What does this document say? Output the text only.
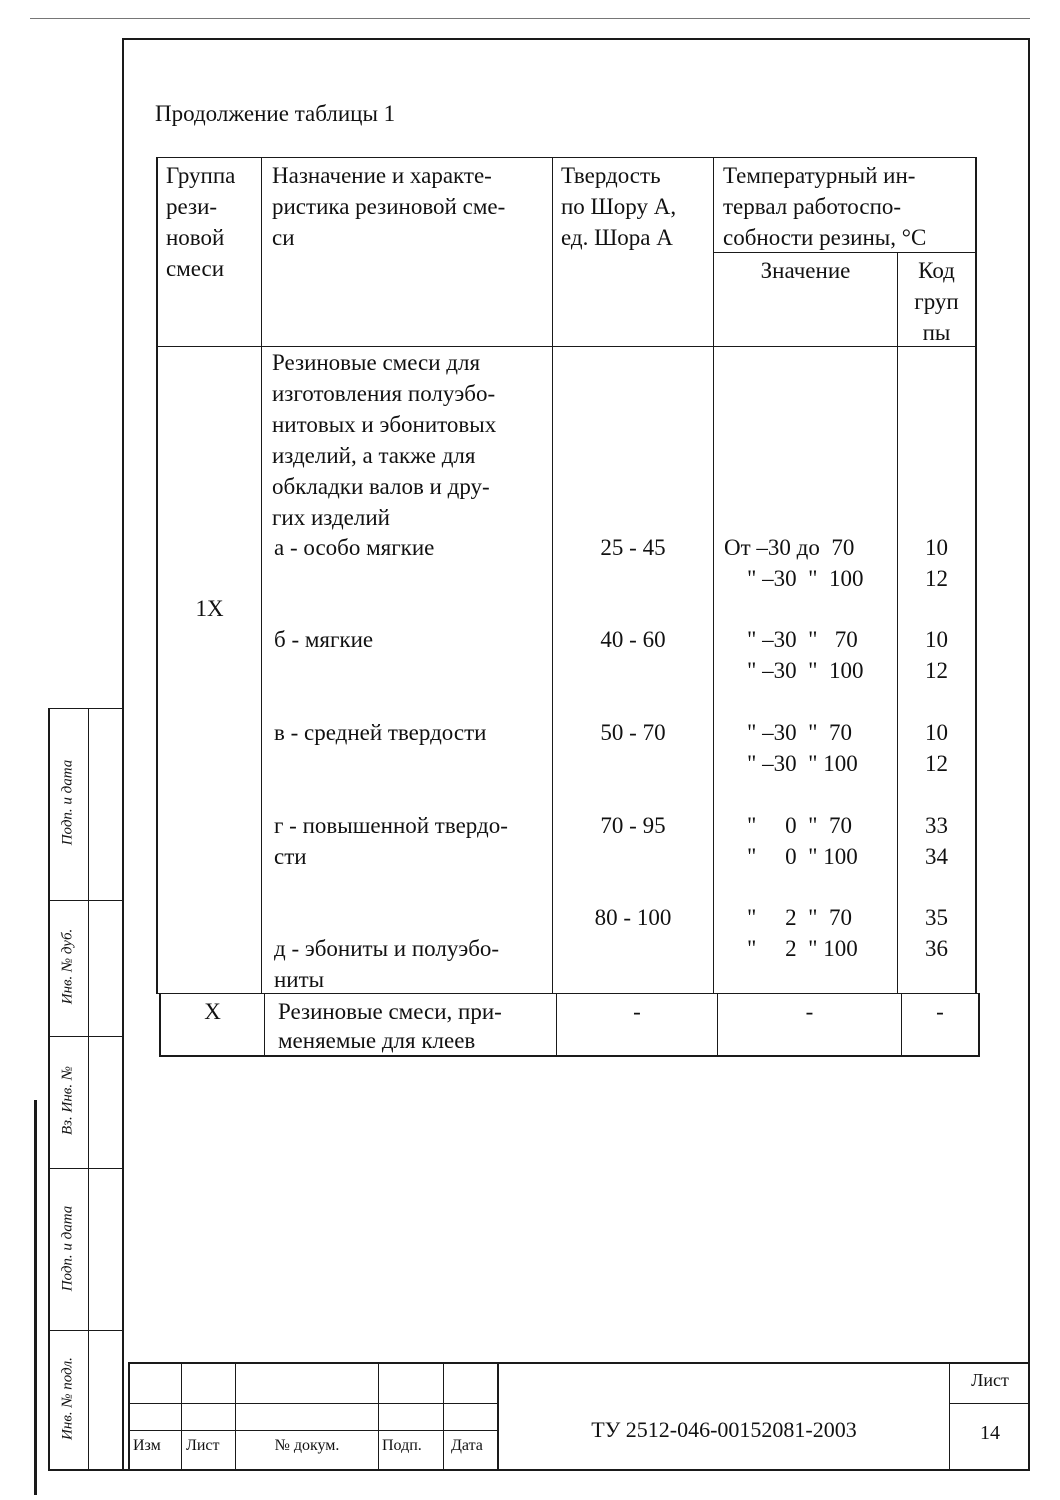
Продолжение таблицы 1
Группа
рези-
новой
смеси
Назначение и характе-
ристика резиновой сме-
си
Твердость
по Шору А,
ед. Шора А
Температурный ин-
тервал работоспо-
собности резины, °С
Значение	Код
груп
пы
1Х
Резиновые смеси для
изготовления полуэбо-
нитовых и эбонитовых
изделий, а также для
обкладки валов и дру-
гих изделий
а - особо мягкие	25 - 45	От –30 до  70
" –30  "  100
10
12
б - мягкие	40 - 60	" –30  "   70
" –30  "  100
10
12
в - средней твердости	50 - 70	" –30  "  70
" –30  " 100
10
12
г - повышенной твердо-
сти
70 - 95	"     0  "  70
"     0  " 100
33
34
80 - 100
д - эбониты и полуэбо-
ниты
"     2  "  70
"     2  " 100
35
36
Х	Резиновые смеси, при-
меняемые для клеев
-	-	-
Подп. и дата
Инв. № дуб.
Вз. Инв. №
Подп. и дата
Инв. № подл.
Изм Лист	№ докум.	Подп. Дата
ТУ 2512-046-00152081-2003
Лист
14
